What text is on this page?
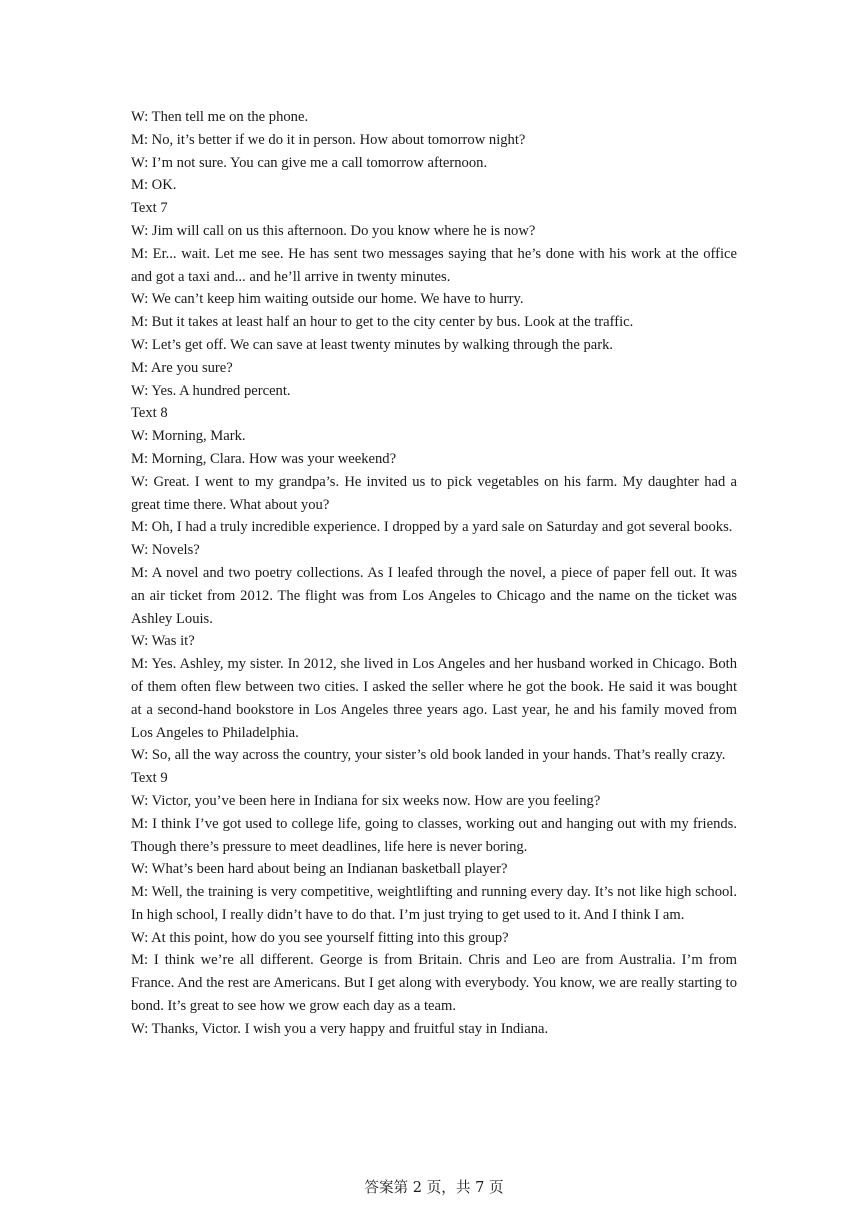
W: Then tell me on the phone.

M: No, it’s better if we do it in person. How about tomorrow night?

W: I’m not sure. You can give me a call tomorrow afternoon.

M: OK.

Text 7

W: Jim will call on us this afternoon. Do you know where he is now?

M: Er... wait. Let me see. He has sent two messages saying that he’s done with his work at the office and got a taxi and... and he’ll arrive in twenty minutes.

W: We can’t keep him waiting outside our home. We have to hurry.

M: But it takes at least half an hour to get to the city center by bus. Look at the traffic.

W: Let’s get off. We can save at least twenty minutes by walking through the park.

M: Are you sure?

W: Yes. A hundred percent.

Text 8

W: Morning, Mark.

M: Morning, Clara. How was your weekend?

W: Great. I went to my grandpa’s. He invited us to pick vegetables on his farm. My daughter had a great time there. What about you?

M: Oh, I had a truly incredible experience. I dropped by a yard sale on Saturday and got several books.

W: Novels?

M: A novel and two poetry collections. As I leafed through the novel, a piece of paper fell out. It was an air ticket from 2012. The flight was from Los Angeles to Chicago and the name on the ticket was Ashley Louis.

W: Was it?

M: Yes. Ashley, my sister. In 2012, she lived in Los Angeles and her husband worked in Chicago. Both of them often flew between two cities. I asked the seller where he got the book. He said it was bought at a second-hand bookstore in Los Angeles three years ago. Last year, he and his family moved from Los Angeles to Philadelphia.

W: So, all the way across the country, your sister’s old book landed in your hands. That’s really crazy.

Text 9

W: Victor, you’ve been here in Indiana for six weeks now. How are you feeling?

M: I think I’ve got used to college life, going to classes, working out and hanging out with my friends. Though there’s pressure to meet deadlines, life here is never boring.

W: What’s been hard about being an Indianan basketball player?

M: Well, the training is very competitive, weightlifting and running every day. It’s not like high school. In high school, I really didn’t have to do that. I’m just trying to get used to it. And I think I am.

W: At this point, how do you see yourself fitting into this group?

M: I think we’re all different. George is from Britain. Chris and Leo are from Australia. I’m from France. And the rest are Americans. But I get along with everybody. You know, we are really starting to bond. It’s great to see how we grow each day as a team.

W: Thanks, Victor. I wish you a very happy and fruitful stay in Indiana.

答案第 2 页，共 7 页
